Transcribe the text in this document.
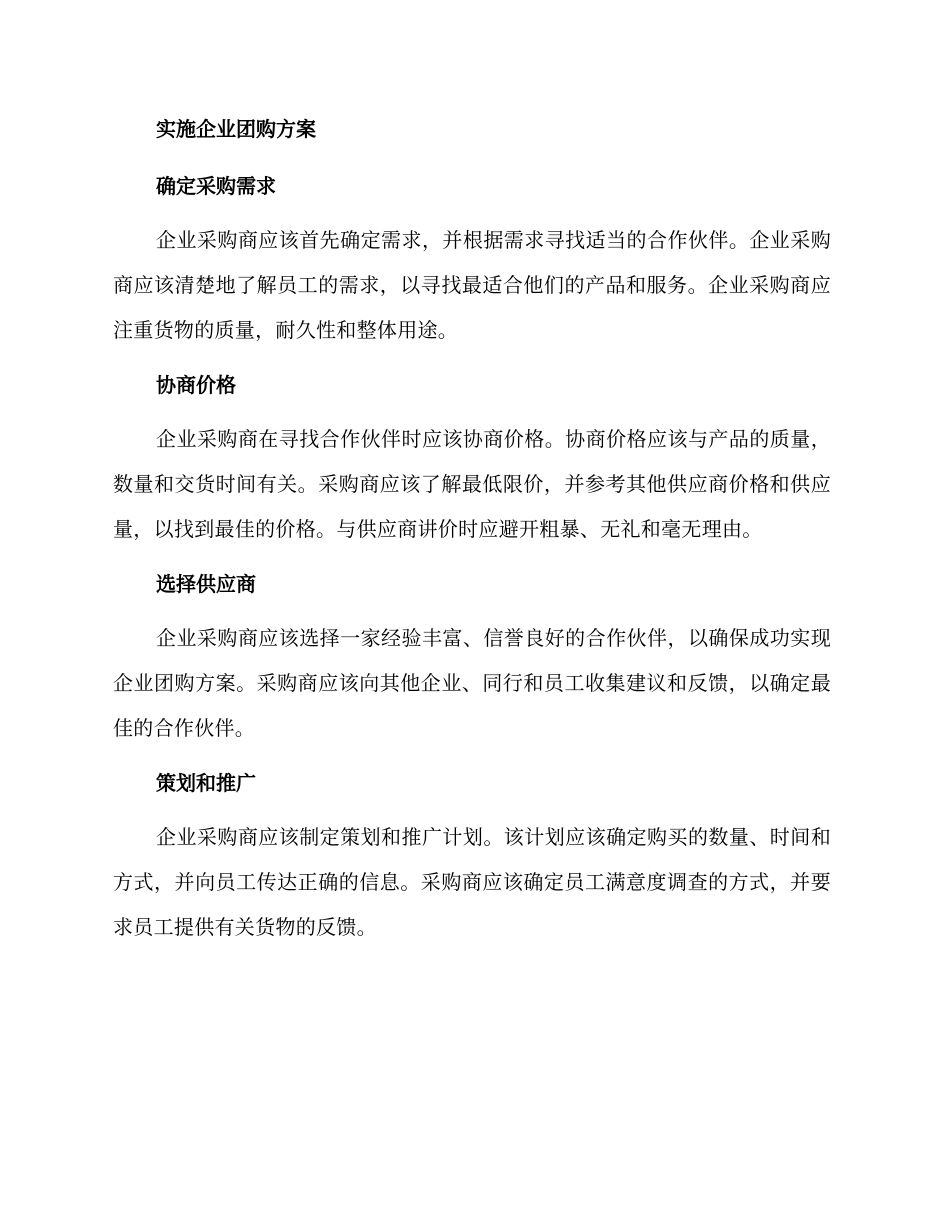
实施企业团购方案
确定采购需求

企业采购商应该首先确定需求，并根据需求寻找适当的合作伙伴。企业采购商应该清楚地了解员工的需求，以寻找最适合他们的产品和服务。企业采购商应注重货物的质量，耐久性和整体用途。

协商价格

企业采购商在寻找合作伙伴时应该协商价格。协商价格应该与产品的质量，数量和交货时间有关。采购商应该了解最低限价，并参考其他供应商价格和供应量，以找到最佳的价格。与供应商讲价时应避开粗暴、无礼和毫无理由。

选择供应商

企业采购商应该选择一家经验丰富、信誉良好的合作伙伴，以确保成功实现企业团购方案。采购商应该向其他企业、同行和员工收集建议和反馈，以确定最佳的合作伙伴。

策划和推广

企业采购商应该制定策划和推广计划。该计划应该确定购买的数量、时间和方式，并向员工传达正确的信息。采购商应该确定员工满意度调查的方式，并要求员工提供有关货物的反馈。
